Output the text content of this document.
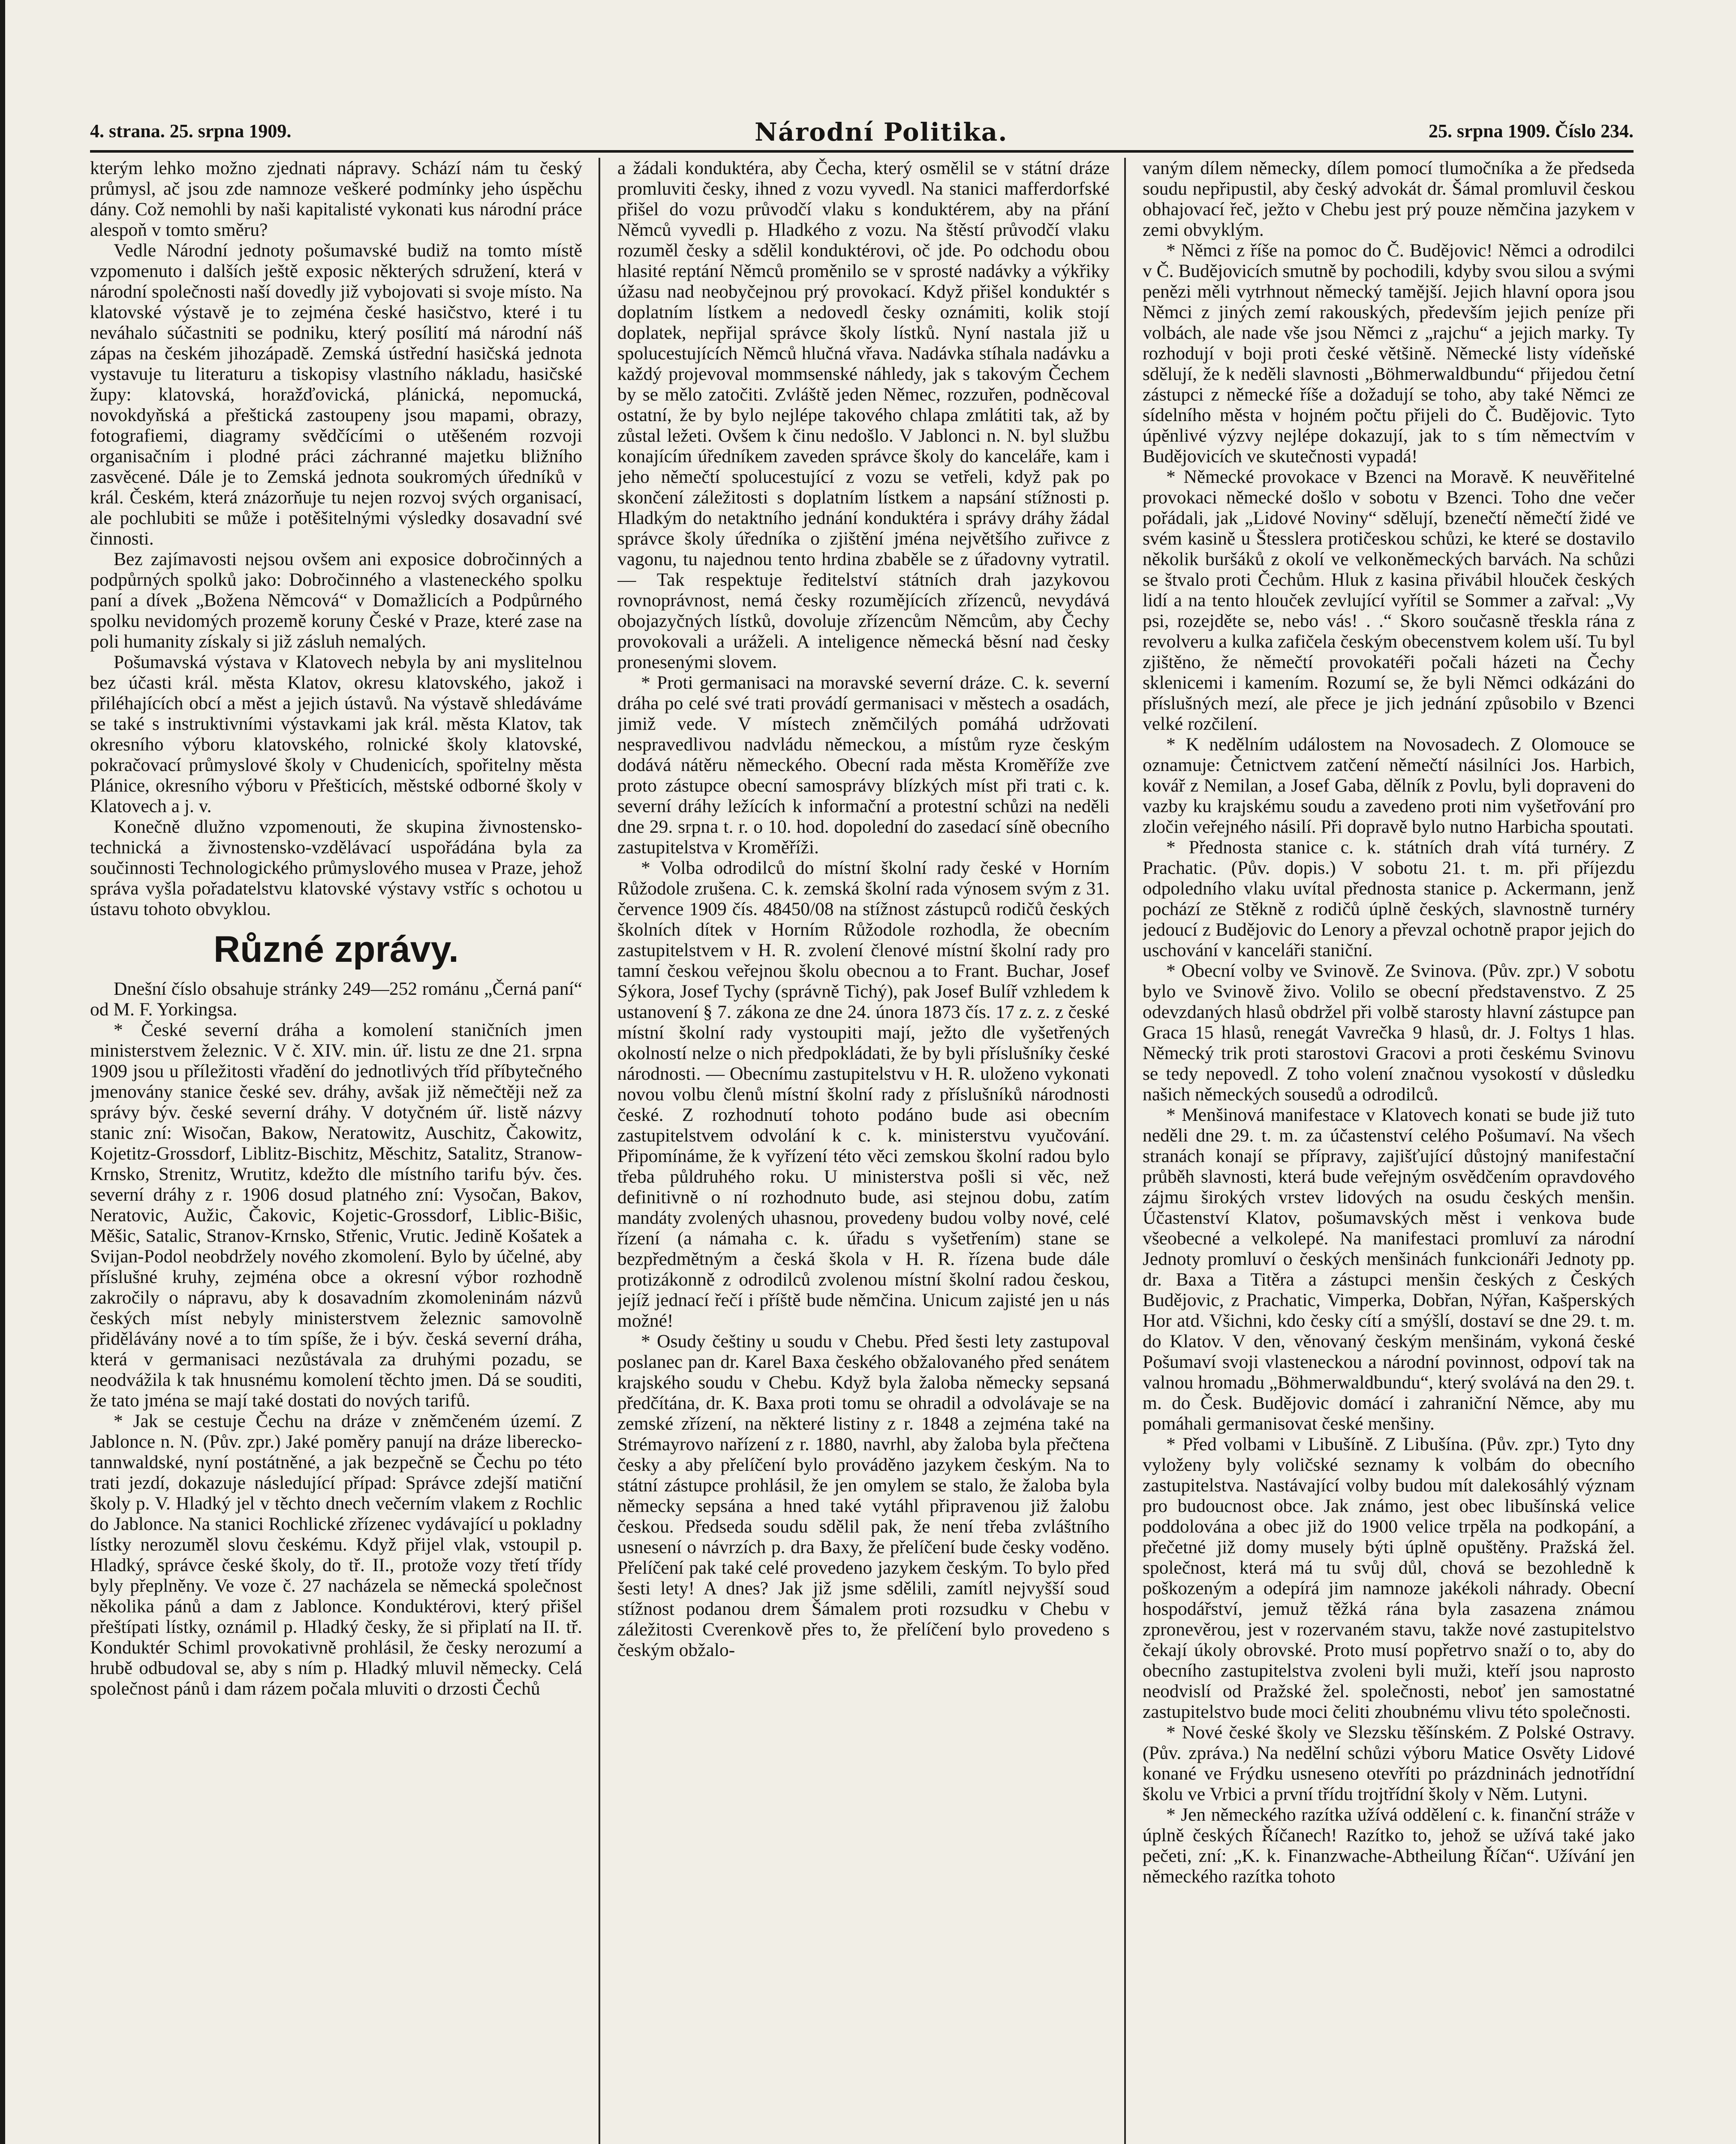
4. strana. 25. srpna 1909.	Národní Politika.	25. srpna 1909. Číslo 234.

kterým lehko možno zjednati nápravy. Schází nám tu český průmysl, ač jsou zde namnoze veškeré podmínky jeho úspěchu dány. Což nemohli by naši kapitalisté vykonati kus národní práce alespoň v tomto směru?

Vedle Národní jednoty pošumavské budiž na tomto místě vzpomenuto i dalších ještě exposic některých sdružení, která v národní společnosti naší dovedly již vybojovati si svoje místo. Na klatovské výstavě je to zejména české hasičstvo, které i tu neváhalo súčastniti se podniku, který posílití má národní náš zápas na českém jihozápadě. Zemská ústřední hasičská jednota vystavuje tu literaturu a tiskopisy vlastního nákladu, hasičské župy: klatovská, horažďovická, plánická, nepomucká, novokdyňská a přeštická zastoupeny jsou mapami, obrazy, fotografiemi, diagramy svědčícími o utěšeném rozvoji organisačním i plodné práci záchranné majetku bližního zasvěcené. Dále je to Zemská jednota soukromých úředníků v král. Českém, která znázorňuje tu nejen rozvoj svých organisací, ale pochlubiti se může i potěšitelnými výsledky dosavadní své činnosti.

Bez zajímavosti nejsou ovšem ani exposice dobročinných a podpůrných spolků jako: Dobročinného a vlasteneckého spolku paní a dívek „Božena Němcová“ v Domažlicích a Podpůrného spolku nevidomých prozemě koruny České v Praze, které zase na poli humanity získaly si již zásluh nemalých.

Pošumavská výstava v Klatovech nebyla by ani myslitelnou bez účasti král. města Klatov, okresu klatovského, jakož i přiléhajících obcí a měst a jejich ústavů. Na výstavě shledáváme se také s instruktivními výstavkami jak král. města Klatov, tak okresního výboru klatovského, rolnické školy klatovské, pokračovací průmyslové školy v Chudenicích, spořitelny města Plánice, okresního výboru v Přešticích, městské odborné školy v Klatovech a j. v.

Konečně dlužno vzpomenouti, že skupina živnostensko-technická a živnostensko-vzdělávací uspořádána byla za součinnosti Technologického průmyslového musea v Praze, jehož správa vyšla pořadatelstvu klatovské výstavy vstříc s ochotou u ústavu tohoto obvyklou.

Různé zprávy.

Dnešní číslo obsahuje stránky 249—252 románu „Černá paní“ od M. F. Yorkingsa.

* České severní dráha a komolení staničních jmen ministerstvem železnic. V č. XIV. min. úř. listu ze dne 21. srpna 1909 jsou u příležitosti vřadění do jednotlivých tříd příbytečného jmenovány stanice české sev. dráhy, avšak již němečtěji než za správy býv. české severní dráhy. V dotyčném úř. listě názvy stanic zní: Wisočan, Bakow, Neratowitz, Auschitz, Čakowitz, Kojetitz-Grossdorf, Liblitz-Bischitz, Měschitz, Satalitz, Stranow-Krnsko, Strenitz, Wrutitz, kdežto dle místního tarifu býv. čes. severní dráhy z r. 1906 dosud platného zní: Vysočan, Bakov, Neratovic, Aužic, Čakovic, Kojetic-Grossdorf, Liblic-Bišic, Měšic, Satalic, Stranov-Krnsko, Střenic, Vrutic. Jedině Košatek a Svijan-Podol neobdržely nového zkomolení. Bylo by účelné, aby příslušné kruhy, zejména obce a okresní výbor rozhodně zakročily o nápravu, aby k dosavadním zkomoleninám názvů českých míst nebyly ministerstvem železnic samovolně přidělávány nové a to tím spíše, že i býv. česká severní dráha, která v germanisaci nezůstávala za druhými pozadu, se neodvážila k tak hnusnému komolení těchto jmen. Dá se souditi, že tato jména se mají také dostati do nových tarifů.

* Jak se cestuje Čechu na dráze v zněmčeném území. Z Jablonce n. N. (Pův. zpr.) Jaké poměry panují na dráze liberecko-tannwaldské, nyní postátněné, a jak bezpečně se Čechu po této trati jezdí, dokazuje následující případ: Správce zdejší matiční školy p. V. Hladký jel v těchto dnech večerním vlakem z Rochlic do Jablonce. Na stanici Rochlické zřízenec vydávající u pokladny lístky nerozuměl slovu českému. Když přijel vlak, vstoupil p. Hladký, správce české školy, do tř. II., protože vozy třetí třídy byly přeplněny. Ve voze č. 27 nacházela se německá společnost několika pánů a dam z Jablonce. Konduktérovi, který přišel přeštípati lístky, oznámil p. Hladký česky, že si připlatí na II. tř. Konduktér Schiml provokativně prohlásil, že česky nerozumí a hrubě odbudoval se, aby s ním p. Hladký mluvil německy. Celá společnost pánů i dam rázem počala mluviti o drzosti Čechů

a žádali konduktéra, aby Čecha, který osmělil se v státní dráze promluviti česky, ihned z vozu vyvedl. Na stanici mafferdorfské přišel do vozu průvodčí vlaku s konduktérem, aby na přání Němců vyvedli p. Hladkého z vozu. Na štěstí průvodčí vlaku rozuměl česky a sdělil konduktérovi, oč jde. Po odchodu obou hlasité reptání Němců proměnilo se v sprosté nadávky a výkřiky úžasu nad neobyčejnou prý provokací. Když přišel konduktér s doplatním lístkem a nedovedl česky oznámiti, kolik stojí doplatek, nepřijal správce školy lístků. Nyní nastala již u spolucestujících Němců hlučná vřava. Nadávka stíhala nadávku a každý projevoval mommsenské náhledy, jak s takovým Čechem by se mělo zatočiti. Zvláště jeden Němec, rozzuřen, podněcoval ostatní, že by bylo nejlépe takového chlapa zmlátiti tak, až by zůstal ležeti. Ovšem k činu nedošlo. V Jablonci n. N. byl službu konajícím úředníkem zaveden správce školy do kanceláře, kam i jeho němečtí spolucestující z vozu se vetřeli, když pak po skončení záležitosti s doplatním lístkem a napsání stížnosti p. Hladkým do netaktního jednání konduktéra i správy dráhy žádal správce školy úředníka o zjištění jména největšího zuřivce z vagonu, tu najednou tento hrdina zbaběle se z úřadovny vytratil. — Tak respektuje ředitelství státních drah jazykovou rovnoprávnost, nemá česky rozumějících zřízenců, nevydává obojazyčných lístků, dovoluje zřízencům Němcům, aby Čechy provokovali a uráželi. A inteligence německá běsní nad česky pronesenými slovem.

* Proti germanisaci na moravské severní dráze. C. k. severní dráha po celé své trati provádí germanisaci v městech a osadách, jimiž vede. V místech zněmčilých pomáhá udržovati nespravedlivou nadvládu německou, a místům ryze českým dodává nátěru německého. Obecní rada města Kroměříže zve proto zástupce obecní samosprávy blízkých míst při trati c. k. severní dráhy ležících k informační a protestní schůzi na neděli dne 29. srpna t. r. o 10. hod. dopolední do zasedací síně obecního zastupitelstva v Kroměříži.

* Volba odrodilců do místní školní rady české v Horním Růžodole zrušena. C. k. zemská školní rada výnosem svým z 31. července 1909 čís. 48450/08 na stížnost zástupců rodičů českých školních dítek v Horním Růžodole rozhodla, že obecním zastupitelstvem v H. R. zvolení členové místní školní rady pro tamní českou veřejnou školu obecnou a to Frant. Buchar, Josef Sýkora, Josef Tychy (správně Tichý), pak Josef Bulíř vzhledem k ustanovení § 7. zákona ze dne 24. února 1873 čís. 17 z. z. z české místní školní rady vystoupiti mají, ježto dle vyšetřených okolností nelze o nich předpokládati, že by byli příslušníky české národnosti. — Obecnímu zastupitelstvu v H. R. uloženo vykonati novou volbu členů místní školní rady z příslušníků národnosti české. Z rozhodnutí tohoto podáno bude asi obecním zastupitelstvem odvolání k c. k. ministerstvu vyučování. Připomínáme, že k vyřízení této věci zemskou školní radou bylo třeba půldruhého roku. U ministerstva pošli si věc, než definitivně o ní rozhodnuto bude, asi stejnou dobu, zatím mandáty zvolených uhasnou, provedeny budou volby nové, celé řízení (a námaha c. k. úřadu s vyšetřením) stane se bezpředmětným a česká škola v H. R. řízena bude dále protizákonně z odrodilců zvolenou místní školní radou českou, jejíž jednací řečí i příště bude němčina. Unicum zajisté jen u nás možné!

* Osudy češtiny u soudu v Chebu. Před šesti lety zastupoval poslanec pan dr. Karel Baxa českého obžalovaného před senátem krajského soudu v Chebu. Když byla žaloba německy sepsaná předčítána, dr. K. Baxa proti tomu se ohradil a odvolávaje se na zemské zřízení, na některé listiny z r. 1848 a zejména také na Strémayrovo nařízení z r. 1880, navrhl, aby žaloba byla přečtena česky a aby přelíčení bylo prováděno jazykem českým. Na to státní zástupce prohlásil, že jen omylem se stalo, že žaloba byla německy sepsána a hned také vytáhl připravenou již žalobu českou. Předseda soudu sdělil pak, že není třeba zvláštního usnesení o návrzích p. dra Baxy, že přelíčení bude česky voděno. Přelíčení pak také celé provedeno jazykem českým. To bylo před šesti lety! A dnes? Jak již jsme sdělili, zamítl nejvyšší soud stížnost podanou drem Šámalem proti rozsudku v Chebu v záležitosti Cverenkově přes to, že přelíčení bylo provedeno s českým obžalo-

vaným dílem německy, dílem pomocí tlumočníka a že předseda soudu nepřipustil, aby český advokát dr. Šámal promluvil českou obhajovací řeč, ježto v Chebu jest prý pouze němčina jazykem v zemi obvyklým.

* Němci z říše na pomoc do Č. Budějovic! Němci a odrodilci v Č. Budějovicích smutně by pochodili, kdyby svou silou a svými penězi měli vytrhnout německý tamější. Jejich hlavní opora jsou Němci z jiných zemí rakouských, především jejich peníze při volbách, ale nade vše jsou Němci z „rajchu“ a jejich marky. Ty rozhodují v boji proti české většině. Německé listy vídeňské sdělují, že k neděli slavnosti „Böhmerwaldbundu“ přijedou četní zástupci z německé říše a dožadují se toho, aby také Němci ze sídelního města v hojném počtu přijeli do Č. Budějovic. Tyto úpěnlivé výzvy nejlépe dokazují, jak to s tím němectvím v Budějovicích ve skutečnosti vypadá!

* Německé provokace v Bzenci na Moravě. K neuvěřitelné provokaci německé došlo v sobotu v Bzenci. Toho dne večer pořádali, jak „Lidové Noviny“ sdělují, bzenečtí němečtí židé ve svém kasině u Štesslera protičeskou schůzi, ke které se dostavilo několik buršáků z okolí ve velkoněmeckých barvách. Na schůzi se štvalo proti Čechům. Hluk z kasina přivábil hlouček českých lidí a na tento hlouček zevlující vyřítil se Sommer a zařval: „Vy psi, rozejděte se, nebo vás! . .“ Skoro současně třeskla rána z revolveru a kulka zafičela českým obecenstvem kolem uší. Tu byl zjištěno, že němečtí provokatéři počali házeti na Čechy sklenicemi i kamením. Rozumí se, že byli Němci odkázáni do příslušných mezí, ale přece je jich jednání způsobilo v Bzenci velké rozčilení.

* K nedělním událostem na Novosadech. Z Olomouce se oznamuje: Četnictvem zatčení němečtí násilníci Jos. Harbich, kovář z Nemilan, a Josef Gaba, dělník z Povlu, byli dopraveni do vazby ku krajskému soudu a zavedeno proti nim vyšetřování pro zločin veřejného násilí. Při dopravě bylo nutno Harbicha spoutati.

* Přednosta stanice c. k. státních drah vítá turnéry. Z Prachatic. (Pův. dopis.) V sobotu 21. t. m. při příjezdu odpoledního vlaku uvítal přednosta stanice p. Ackermann, jenž pochází ze Stěkně z rodičů úplně českých, slavnostně turnéry jedoucí z Budějovic do Lenory a převzal ochotně prapor jejich do uschování v kanceláři staniční.

* Obecní volby ve Svinově. Ze Svinova. (Pův. zpr.) V sobotu bylo ve Svinově živo. Volilo se obecní představenstvo. Z 25 odevzdaných hlasů obdržel při volbě starosty hlavní zástupce pan Graca 15 hlasů, renegát Vavrečka 9 hlasů, dr. J. Foltys 1 hlas. Německý trik proti starostovi Gracovi a proti českému Svinovu se tedy nepovedl. Z toho volení značnou vysokostí v důsledku našich německých sousedů a odrodilců.

* Menšinová manifestace v Klatovech konati se bude již tuto neděli dne 29. t. m. za účastenství celého Pošumaví. Na všech stranách konají se přípravy, zajišťující důstojný manifestační průběh slavnosti, která bude veřejným osvědčením opravdového zájmu širokých vrstev lidových na osudu českých menšin. Účastenství Klatov, pošumavských měst i venkova bude všeobecné a velkolepé. Na manifestaci promluví za národní Jednoty promluví o českých menšinách funkcionáři Jednoty pp. dr. Baxa a Titěra a zástupci menšin českých z Českých Budějovic, z Prachatic, Vimperka, Dobřan, Nýřan, Kašperských Hor atd. Všichni, kdo česky cítí a smýšlí, dostaví se dne 29. t. m. do Klatov. V den, věnovaný českým menšinám, vykoná české Pošumaví svoji vlasteneckou a národní povinnost, odpoví tak na valnou hromadu „Böhmerwaldbundu“, který svolává na den 29. t. m. do Česk. Budějovic domácí i zahraniční Němce, aby mu pomáhali germanisovat české menšiny.

* Před volbami v Libušíně. Z Libušína. (Pův. zpr.) Tyto dny vyloženy byly voličské seznamy k volbám do obecního zastupitelstva. Nastávající volby budou mít dalekosáhlý význam pro budoucnost obce. Jak známo, jest obec libušínská velice poddolována a obec již do 1900 velice trpěla na podkopání, a přečetné již domy musely býti úplně opuštěny. Pražská žel. společnost, která má tu svůj důl, chová se bezohledně k poškozeným a odepírá jim namnoze jakékoli náhrady. Obecní hospodářství, jemuž těžká rána byla zasazena známou zpronevěrou, jest v rozervaném stavu, takže nové zastupitelstvo čekají úkoly obrovské. Proto musí popřetrvo snaží o to, aby do obecního zastupitelstva zvoleni byli muži, kteří jsou naprosto neodvislí od Pražské žel. společnosti, neboť jen samostatné zastupitelstvo bude moci čeliti zhoubnému vlivu této společnosti.

* Nové české školy ve Slezsku těšínském. Z Polské Ostravy. (Pův. zpráva.) Na nedělní schůzi výboru Matice Osvěty Lidové konané ve Frýdku usneseno otevříti po prázdninách jednotřídní školu ve Vrbici a první třídu trojtřídní školy v Něm. Lutyni.

* Jen německého razítka užívá oddělení c. k. finanční stráže v úplně českých Říčanech! Razítko to, jehož se užívá také jako pečeti, zní: „K. k. Finanzwache-Abtheilung Říčan“. Užívání jen německého razítka tohoto
